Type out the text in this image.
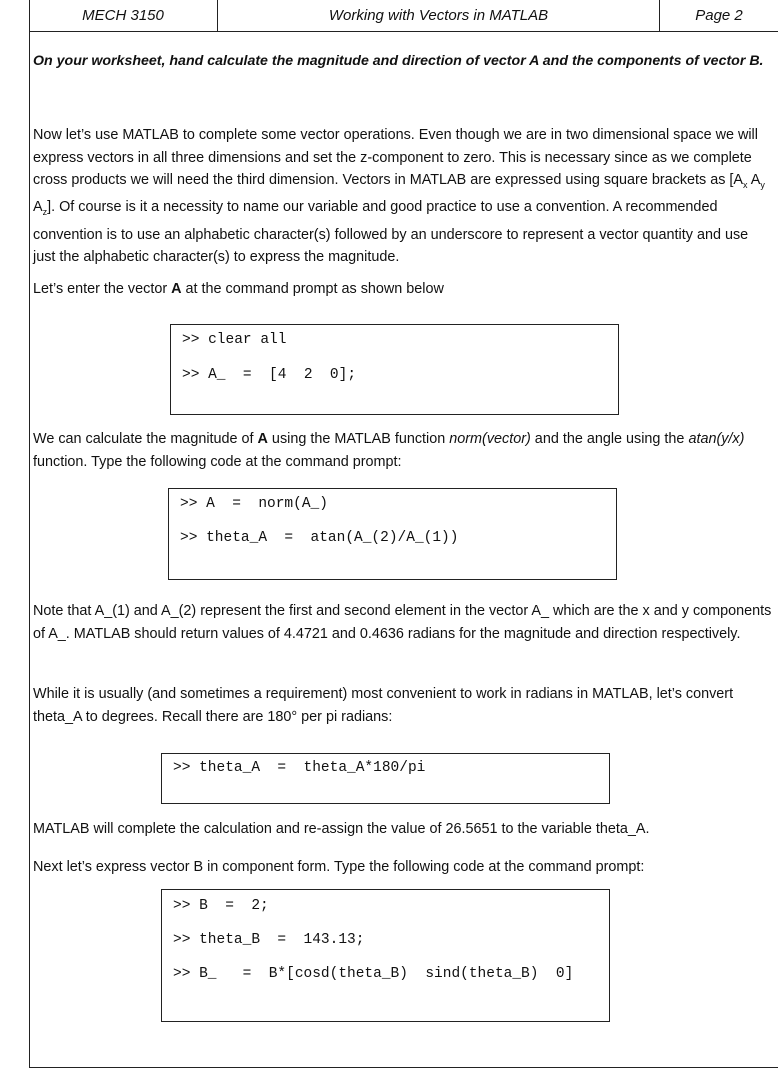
MECH 3150	Working with Vectors in MATLAB	Page 2
On your worksheet, hand calculate the magnitude and direction of vector A and the components of vector B.
Now let’s use MATLAB to complete some vector operations. Even though we are in two dimensional space we will express vectors in all three dimensions and set the z-component to zero. This is necessary since as we complete cross products we will need the third dimension. Vectors in MATLAB are expressed using square brackets as [$A_x$ $A_y$ $A_z$]. Of course is it a necessity to name our variable and good practice to use a convention. A recommended convention is to use an alphabetic character(s) followed by an underscore to represent a vector quantity and use just the alphabetic character(s) to express the magnitude.
Let’s enter the vector A at the command prompt as shown below
>> clear all
>> A_  =  [4  2  0];
We can calculate the magnitude of A using the MATLAB function norm(vector) and the angle using the atan(y/x) function. Type the following code at the command prompt:
>> A  =  norm(A_)
>> theta_A  =  atan(A_(2)/A_(1))
Note that A_(1) and A_(2) represent the first and second element in the vector A_ which are the x and y components of A_. MATLAB should return values of 4.4721 and 0.4636 radians for the magnitude and direction respectively.
While it is usually (and sometimes a requirement) most convenient to work in radians in MATLAB, let’s convert theta_A to degrees. Recall there are 180° per pi radians:
>> theta_A  =  theta_A*180/pi
MATLAB will complete the calculation and re-assign the value of 26.5651 to the variable theta_A.
Next let’s express vector B in component form. Type the following code at the command prompt:
>> B  =  2;
>> theta_B  =  143.13;
>> B_   =  B*[cosd(theta_B)  sind(theta_B)  0]
